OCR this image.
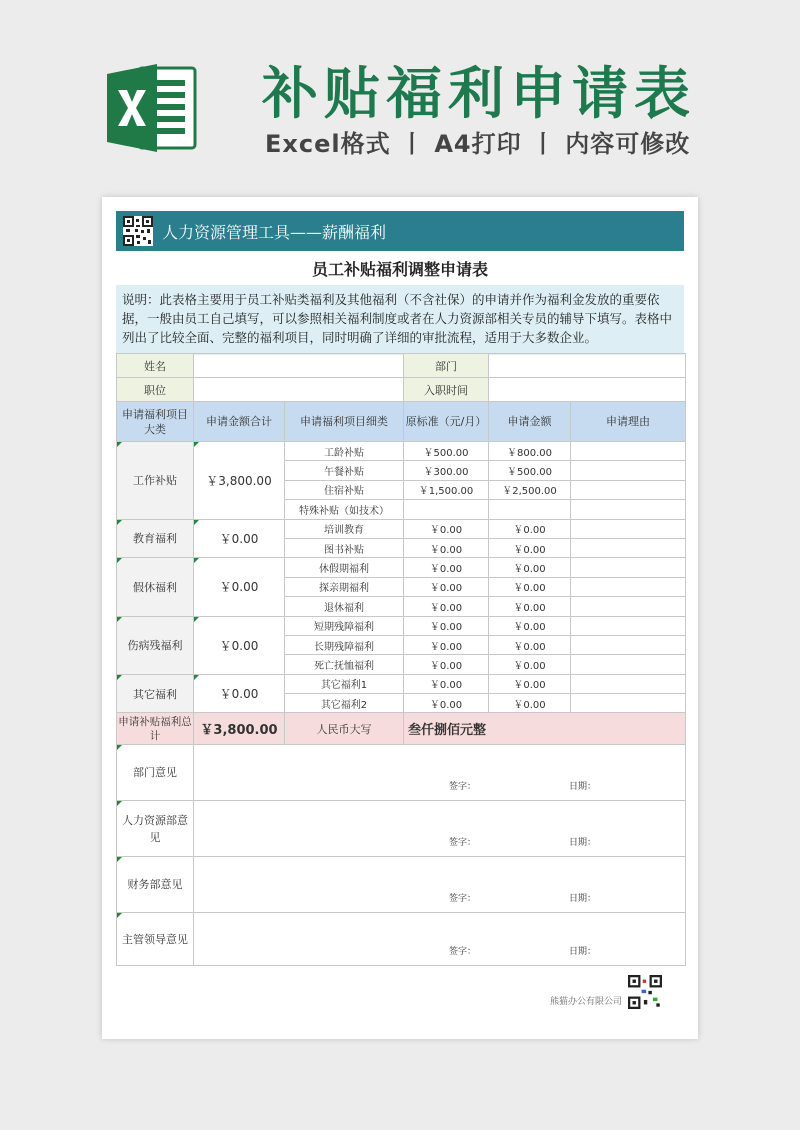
补贴福利申请表
Excel格式 丨 A4打印 丨 内容可修改
人力资源管理工具——薪酬福利
员工补贴福利调整申请表
说明：此表格主要用于员工补贴类福利及其他福利（不含社保）的申请并作为福利金发放的重要依据，一般由员工自己填写，可以参照相关福利制度或者在人力资源部相关专员的辅导下填写。表格中列出了比较全面、完整的福利项目，同时明确了详细的审批流程，适用于大多数企业。
姓名			部门		
职位			入职时间		
申请福利项目大类	申请金额合计	申请福利项目细类	原标准（元/月）	申请金额	申请理由
工作补贴	￥3,800.00	工龄补贴	￥500.00	￥800.00	
		午餐补贴	￥300.00	￥500.00	
		住宿补贴	￥1,500.00	￥2,500.00	
		特殊补贴（如技术）			
教育福利	￥0.00	培训教育	￥0.00	￥0.00	
		图书补贴	￥0.00	￥0.00	
假休福利	￥0.00	休假期福利	￥0.00	￥0.00	
		探亲期福利	￥0.00	￥0.00	
		退休福利	￥0.00	￥0.00	
伤病残福利	￥0.00	短期残障福利	￥0.00	￥0.00	
		长期残障福利	￥0.00	￥0.00	
		死亡抚恤福利	￥0.00	￥0.00	
其它福利	￥0.00	其它福利1	￥0.00	￥0.00	
		其它福利2	￥0.00	￥0.00	
申请补贴福利总计	￥3,800.00	人民币大写	叁仟捌佰元整		
部门意见	签字： 日期：				

人力资源部意见	签字： 日期：				

财务部意见	签字： 日期：				

主管领导意见	签字： 日期：				
熊猫办公有限公司
